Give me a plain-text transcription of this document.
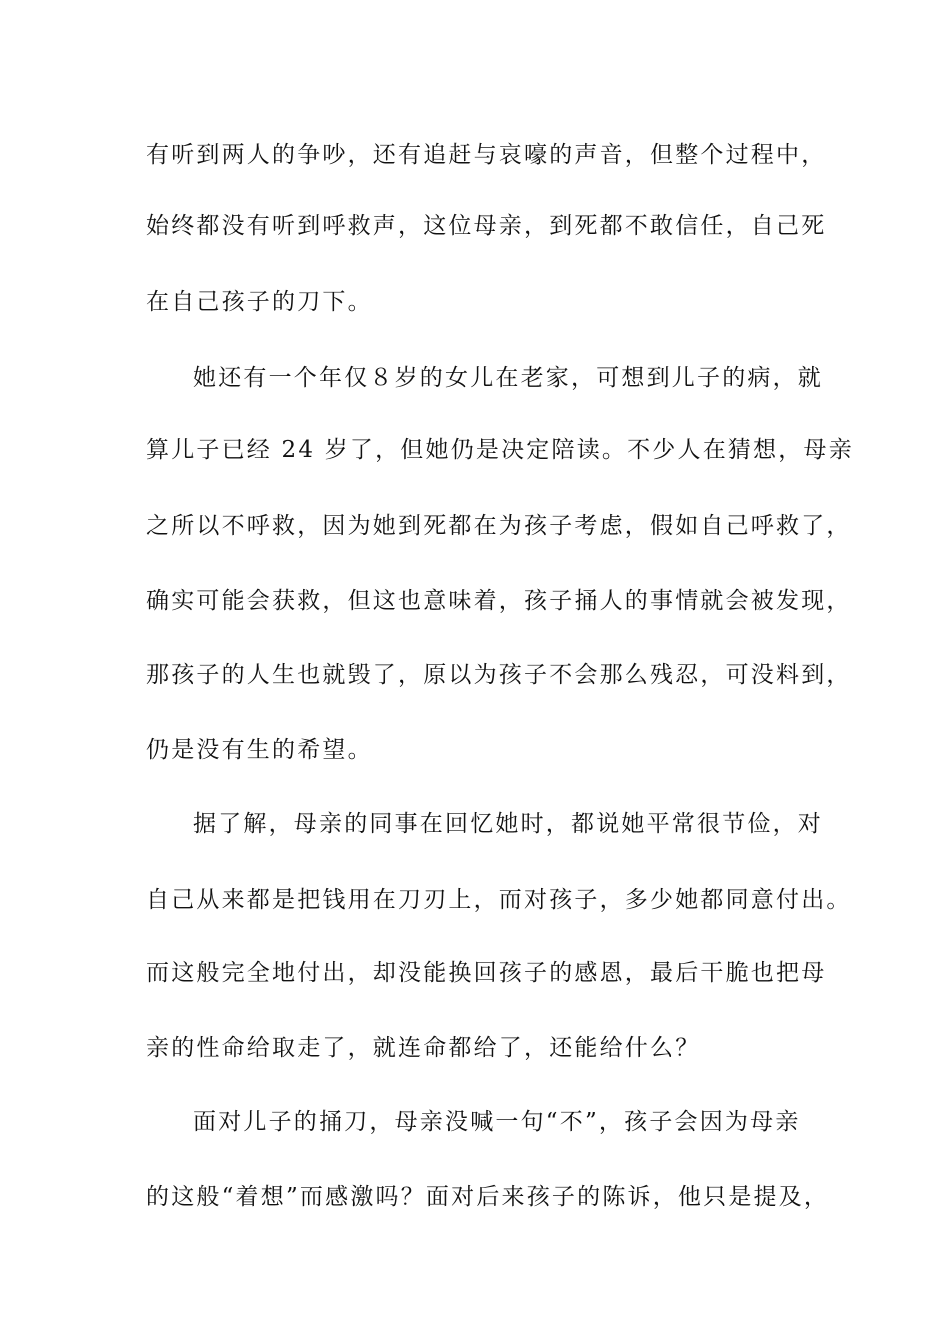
有听到两人的争吵，还有追赶与哀嚎的声音，但整个过程中，
始终都没有听到呼救声，这位母亲，到死都不敢信任，自己死
在自己孩子的刀下。
她还有一个年仅８岁的女儿在老家，可想到儿子的病，就
算儿子已经 24 岁了，但她仍是决定陪读。不少人在猜想，母亲
之所以不呼救，因为她到死都在为孩子考虑，假如自己呼救了，
确实可能会获救，但这也意味着，孩子捅人的事情就会被发现，
那孩子的人生也就毁了，原以为孩子不会那么残忍，可没料到，
仍是没有生的希望。
据了解，母亲的同事在回忆她时，都说她平常很节俭，对
自己从来都是把钱用在刀刃上，而对孩子，多少她都同意付出。
而这般完全地付出，却没能换回孩子的感恩，最后干脆也把母
亲的性命给取走了，就连命都给了，还能给什么？
面对儿子的捅刀，母亲没喊一句“不”，孩子会因为母亲
的这般“着想”而感激吗？面对后来孩子的陈诉，他只是提及，
